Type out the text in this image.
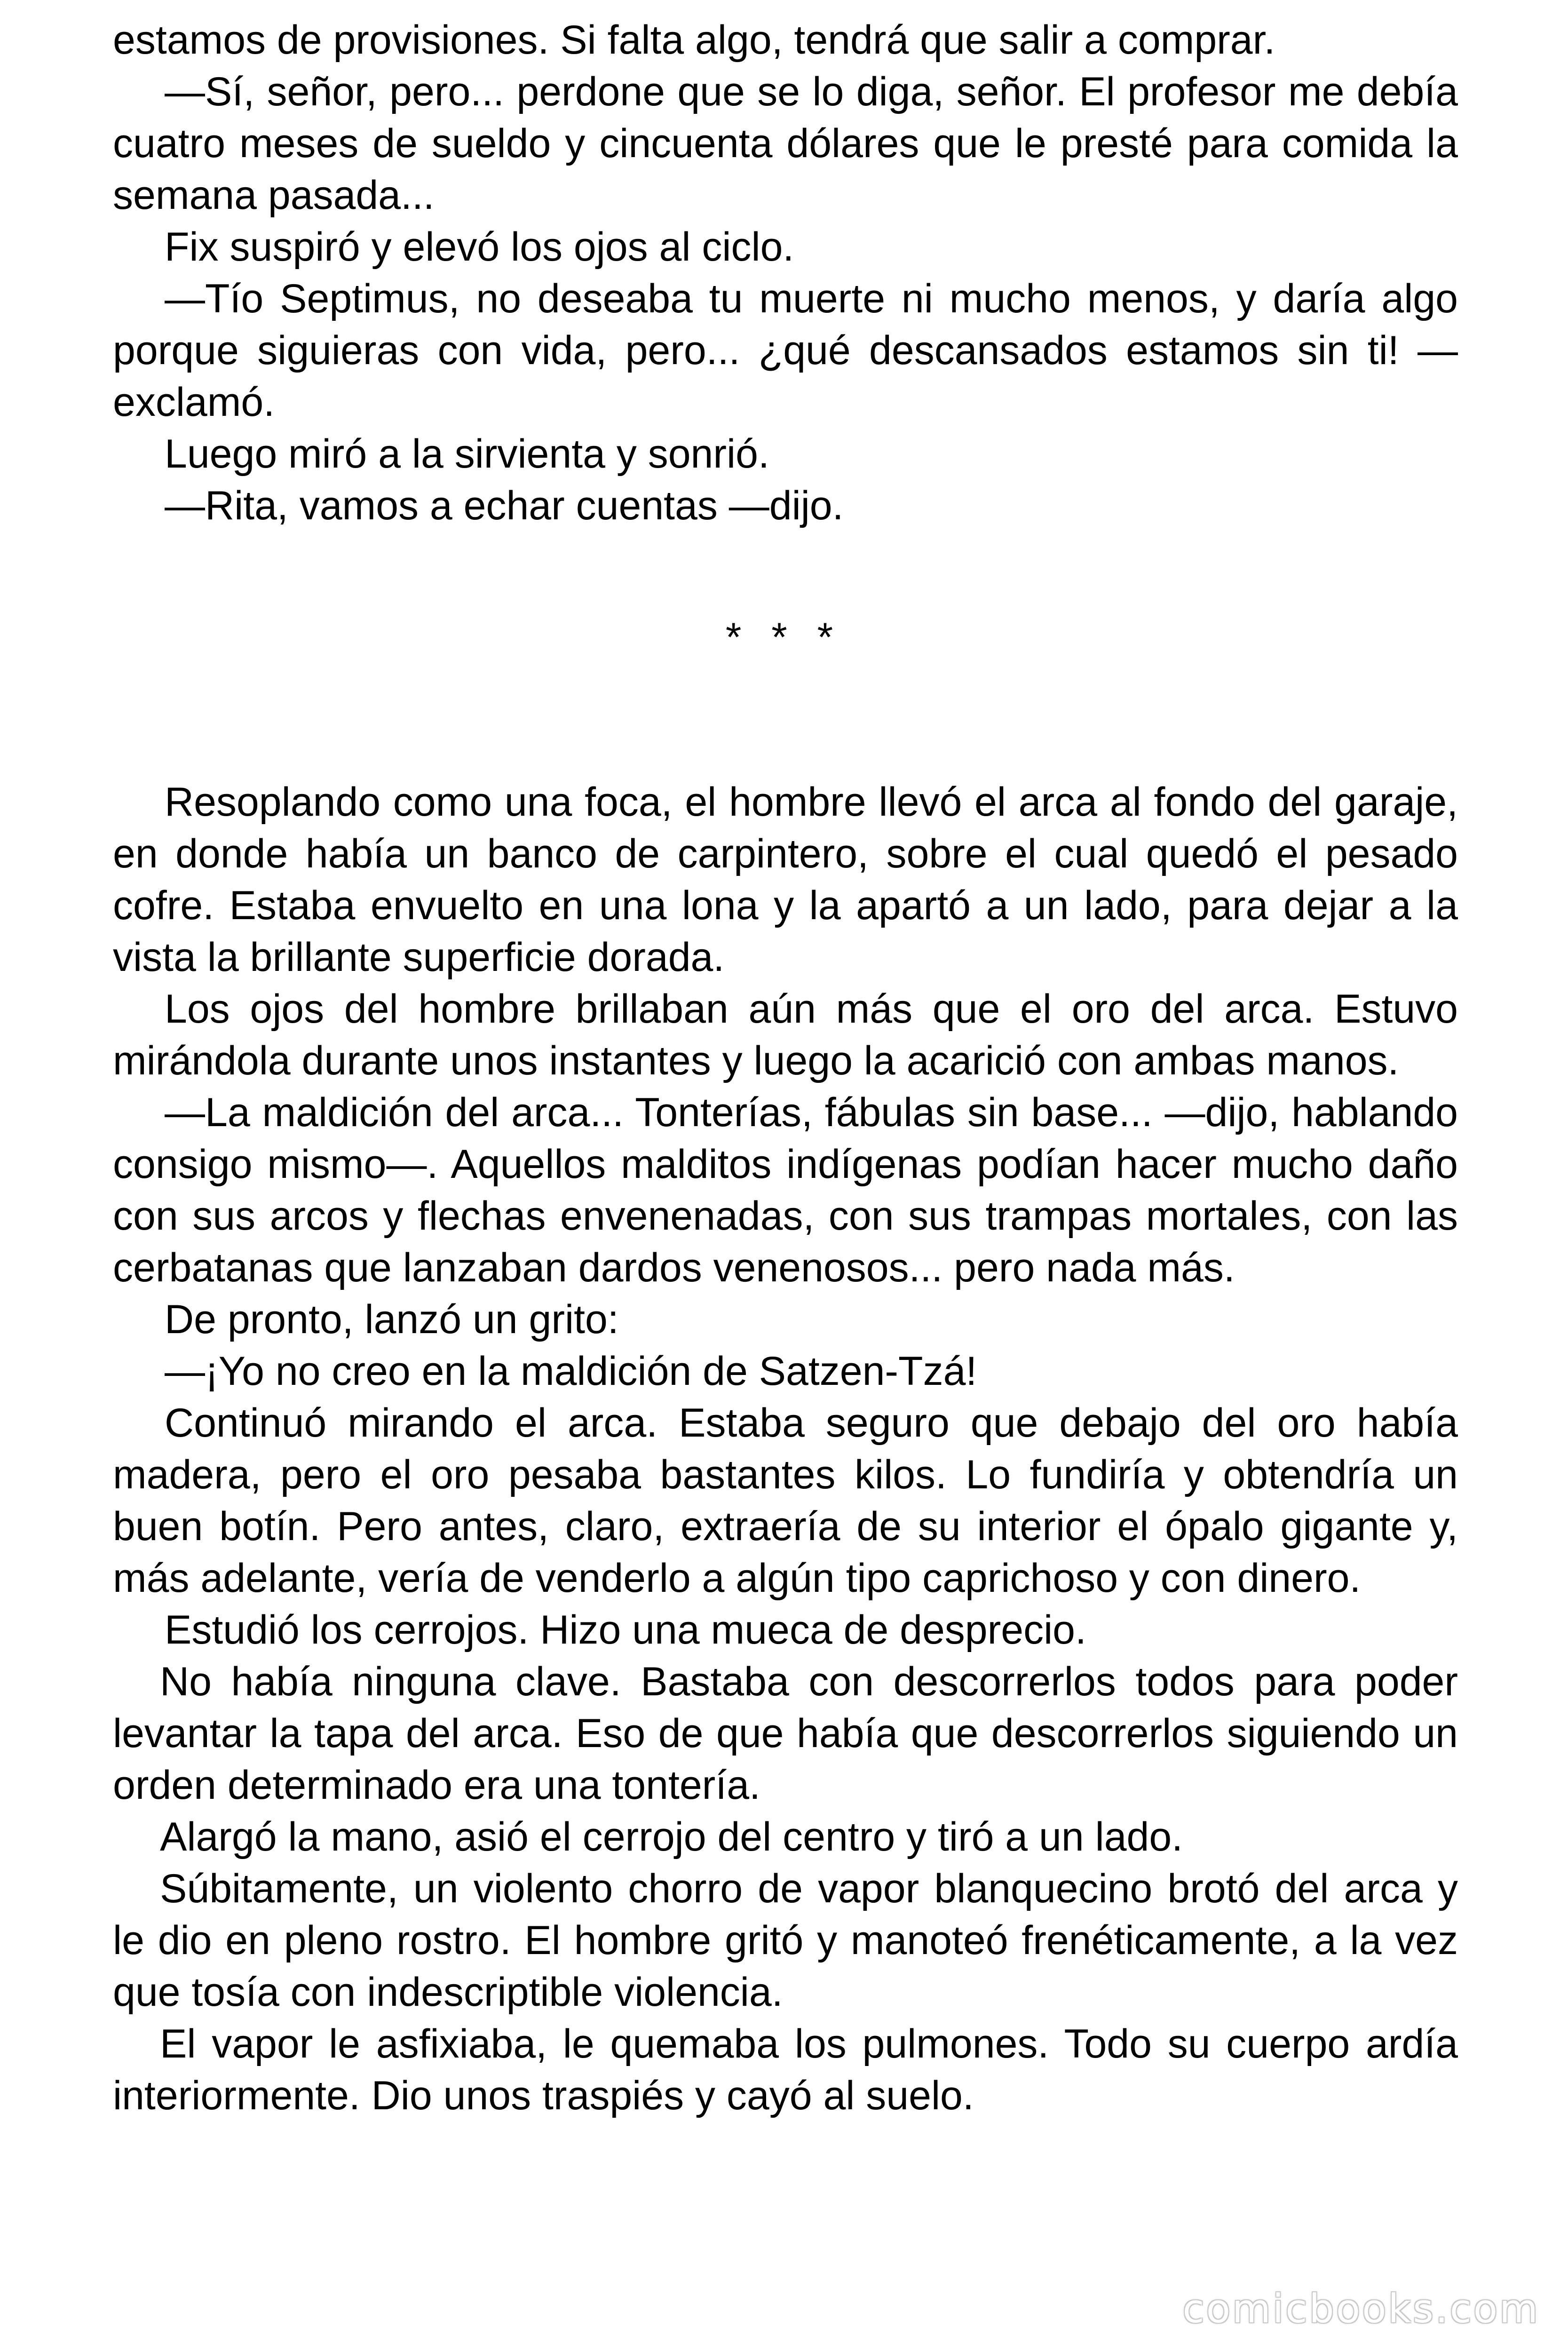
estamos de provisiones. Si falta algo, tendrá que salir a comprar.

—Sí, señor, pero... perdone que se lo diga, señor. El profesor me debía cuatro meses de sueldo y cincuenta dólares que le presté para comida la semana pasada...

Fix suspiró y elevó los ojos al ciclo.

—Tío Septimus, no deseaba tu muerte ni mucho menos, y daría algo porque siguieras con vida, pero... ¿qué descansados estamos sin ti! — exclamó.

Luego miró a la sirvienta y sonrió.

—Rita, vamos a echar cuentas —dijo.

* * *

Resoplando como una foca, el hombre llevó el arca al fondo del garaje, en donde había un banco de carpintero, sobre el cual quedó el pesado cofre. Estaba envuelto en una lona y la apartó a un lado, para dejar a la vista la brillante superficie dorada.

Los ojos del hombre brillaban aún más que el oro del arca. Estuvo mirándola durante unos instantes y luego la acarició con ambas manos.

—La maldición del arca... Tonterías, fábulas sin base... —dijo, hablando consigo mismo—. Aquellos malditos indígenas podían hacer mucho daño con sus arcos y flechas envenenadas, con sus trampas mortales, con las cerbatanas que lanzaban dardos venenosos... pero nada más.

De pronto, lanzó un grito:

—¡Yo no creo en la maldición de Satzen-Tzá!

Continuó mirando el arca. Estaba seguro que debajo del oro había madera, pero el oro pesaba bastantes kilos. Lo fundiría y obtendría un buen botín. Pero antes, claro, extraería de su interior el ópalo gigante y, más adelante, vería de venderlo a algún tipo caprichoso y con dinero.

Estudió los cerrojos. Hizo una mueca de desprecio.

No había ninguna clave. Bastaba con descorrerlos todos para poder levantar la tapa del arca. Eso de que había que descorrerlos siguiendo un orden determinado era una tontería.

Alargó la mano, asió el cerrojo del centro y tiró a un lado.

Súbitamente, un violento chorro de vapor blanquecino brotó del arca y le dio en pleno rostro. El hombre gritó y manoteó frenéticamente, a la vez que tosía con indescriptible violencia.

El vapor le asfixiaba, le quemaba los pulmones. Todo su cuerpo ardía interiormente. Dio unos traspiés y cayó al suelo.

comicbooks.com
